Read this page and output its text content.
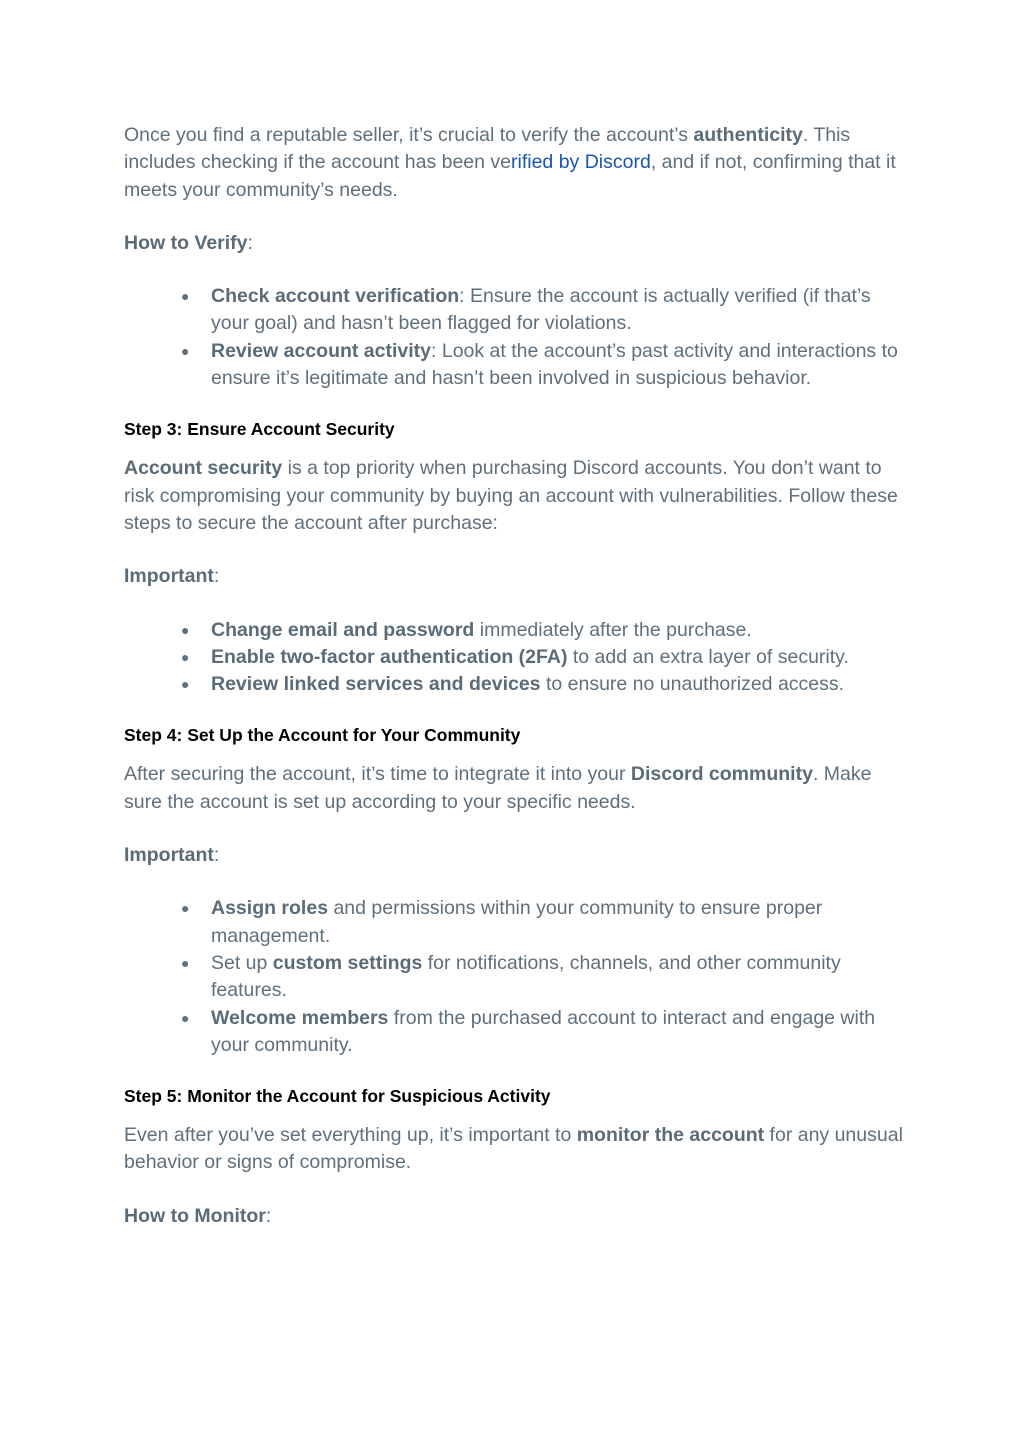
Once you find a reputable seller, it’s crucial to verify the account’s authenticity. This includes checking if the account has been verified by Discord, and if not, confirming that it meets your community’s needs.

How to Verify:

● Check account verification: Ensure the account is actually verified (if that’s your goal) and hasn’t been flagged for violations.
● Review account activity: Look at the account’s past activity and interactions to ensure it’s legitimate and hasn’t been involved in suspicious behavior.

Step 3: Ensure Account Security

Account security is a top priority when purchasing Discord accounts. You don’t want to risk compromising your community by buying an account with vulnerabilities. Follow these steps to secure the account after purchase:

Important:

● Change email and password immediately after the purchase.
● Enable two-factor authentication (2FA) to add an extra layer of security.
● Review linked services and devices to ensure no unauthorized access.

Step 4: Set Up the Account for Your Community

After securing the account, it’s time to integrate it into your Discord community. Make sure the account is set up according to your specific needs.

Important:

● Assign roles and permissions within your community to ensure proper management.
● Set up custom settings for notifications, channels, and other community features.
● Welcome members from the purchased account to interact and engage with your community.

Step 5: Monitor the Account for Suspicious Activity

Even after you’ve set everything up, it’s important to monitor the account for any unusual behavior or signs of compromise.

How to Monitor:
